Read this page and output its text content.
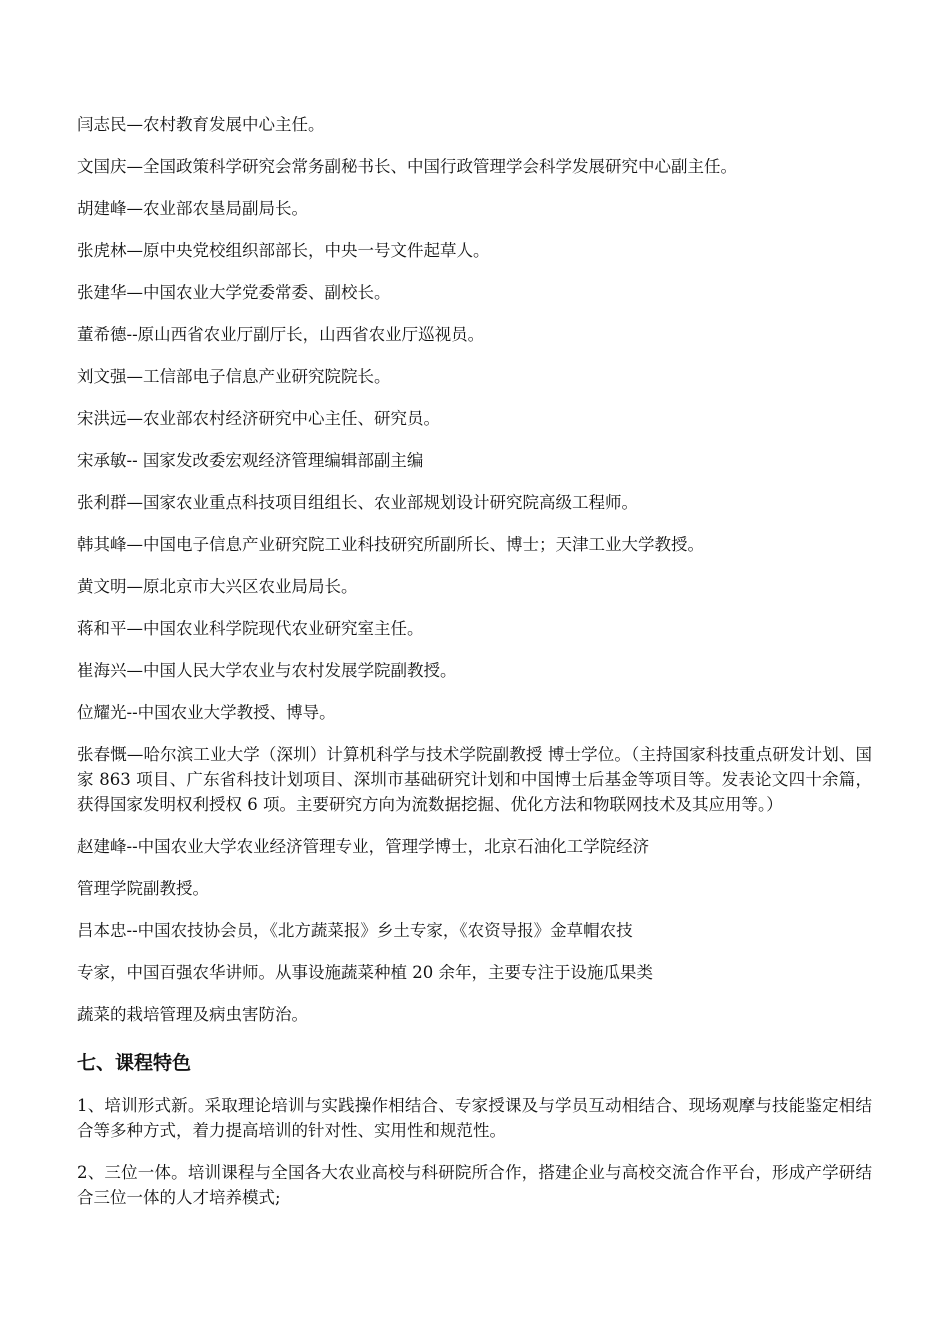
闫志民—农村教育发展中心主任。

文国庆—全国政策科学研究会常务副秘书长、中国行政管理学会科学发展研究中心副主任。

胡建峰—农业部农垦局副局长。

张虎林—原中央党校组织部部长，中央一号文件起草人。

张建华—中国农业大学党委常委、副校长。

董希德--原山西省农业厅副厅长，山西省农业厅巡视员。

刘文强—工信部电子信息产业研究院院长。

宋洪远—农业部农村经济研究中心主任、研究员。

宋承敏-- 国家发改委宏观经济管理编辑部副主编

张利群—国家农业重点科技项目组组长、农业部规划设计研究院高级工程师。

韩其峰—中国电子信息产业研究院工业科技研究所副所长、博士；天津工业大学教授。

黄文明—原北京市大兴区农业局局长。

蒋和平—中国农业科学院现代农业研究室主任。

崔海兴—中国人民大学农业与农村发展学院副教授。

位耀光--中国农业大学教授、博导。

张春慨—哈尔滨工业大学（深圳）计算机科学与技术学院副教授 博士学位。（主持国家科技重点研发计划、国家 863 项目、广东省科技计划项目、深圳市基础研究计划和中国博士后基金等项目等。发表论文四十余篇，获得国家发明权利授权 6 项。主要研究方向为流数据挖掘、优化方法和物联网技术及其应用等。）

赵建峰--中国农业大学农业经济管理专业，管理学博士，北京石油化工学院经济

管理学院副教授。

吕本忠--中国农技协会员，《北方蔬菜报》乡土专家，《农资导报》金草帽农技

专家，中国百强农华讲师。从事设施蔬菜种植 20 余年，主要专注于设施瓜果类

蔬菜的栽培管理及病虫害防治。

七、课程特色

1、培训形式新。采取理论培训与实践操作相结合、专家授课及与学员互动相结合、现场观摩与技能鉴定相结合等多种方式，着力提高培训的针对性、实用性和规范性。

2、三位一体。培训课程与全国各大农业高校与科研院所合作，搭建企业与高校交流合作平台，形成产学研结合三位一体的人才培养模式;
